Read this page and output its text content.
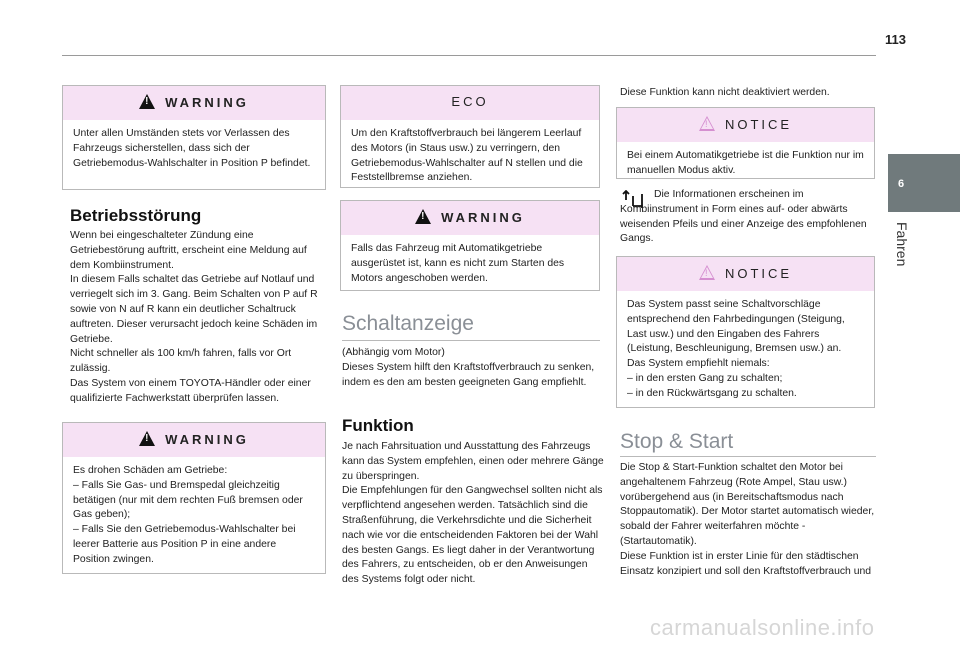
113
6
Fahren
!WARNING
Unter allen Umständen stets vor Verlassen des Fahrzeugs sicherstellen, dass sich der Getriebemodus-Wahlschalter in Position P befindet.
Betriebsstörung
Wenn bei eingeschalteter Zündung eine Getriebestörung auftritt, erscheint eine Meldung auf dem Kombiinstrument.
In diesem Falls schaltet das Getriebe auf Notlauf und verriegelt sich im 3. Gang. Beim Schalten von P auf R sowie von N auf R kann ein deutlicher Schaltruck auftreten. Dieser verursacht jedoch keine Schäden im Getriebe.
Nicht schneller als 100 km/h fahren, falls vor Ort zulässig.
Das System von einem TOYOTA-Händler oder einer qualifizierte Fachwerkstatt überprüfen lassen.
!WARNING
Es drohen Schäden am Getriebe:
– Falls Sie Gas- und Bremspedal gleichzeitig betätigen (nur mit dem rechten Fuß bremsen oder Gas geben);
– Falls Sie den Getriebemodus-Wahlschalter bei leerer Batterie aus Position P in eine andere Position zwingen.
ECO
Um den Kraftstoffverbrauch bei längerem Leerlauf des Motors (in Staus usw.) zu verringern, den Getriebemodus-Wahlschalter auf N stellen und die Feststellbremse anziehen.
!WARNING
Falls das Fahrzeug mit Automatikgetriebe ausgerüstet ist, kann es nicht zum Starten des Motors angeschoben werden.
Schaltanzeige
(Abhängig vom Motor)
Dieses System hilft den Kraftstoffverbrauch zu senken, indem es den am besten geeigneten Gang empfiehlt.
Funktion
Je nach Fahrsituation und Ausstattung des Fahrzeugs kann das System empfehlen, einen oder mehrere Gänge zu überspringen.
Die Empfehlungen für den Gangwechsel sollten nicht als verpflichtend angesehen werden. Tatsächlich sind die Straßenführung, die Verkehrsdichte und die Sicherheit nach wie vor die entscheidenden Faktoren bei der Wahl des besten Gangs. Es liegt daher in der Verantwortung des Fahrers, zu entscheiden, ob er den Anweisungen des Systems folgt oder nicht.
Diese Funktion kann nicht deaktiviert werden.
!NOTICE
Bei einem Automatikgetriebe ist die Funktion nur im manuellen Modus aktiv.
Die Informationen erscheinen im Kombiinstrument in Form eines auf- oder abwärts weisenden Pfeils und einer Anzeige des empfohlenen Gangs.
!NOTICE
Das System passt seine Schaltvorschläge entsprechend den Fahrbedingungen (Steigung, Last usw.) und den Eingaben des Fahrers (Leistung, Beschleunigung, Bremsen usw.) an.
Das System empfiehlt niemals:
– in den ersten Gang zu schalten;
– in den Rückwärtsgang zu schalten.
Stop & Start
Die Stop & Start-Funktion schaltet den Motor bei angehaltenem Fahrzeug (Rote Ampel, Stau usw.) vorübergehend aus (in Bereitschaftsmodus nach Stoppautomatik). Der Motor startet automatisch wieder, sobald der Fahrer weiterfahren möchte - (Startautomatik).
Diese Funktion ist in erster Linie für den städtischen Einsatz konzipiert und soll den Kraftstoffverbrauch und
carmanualsonline.info
